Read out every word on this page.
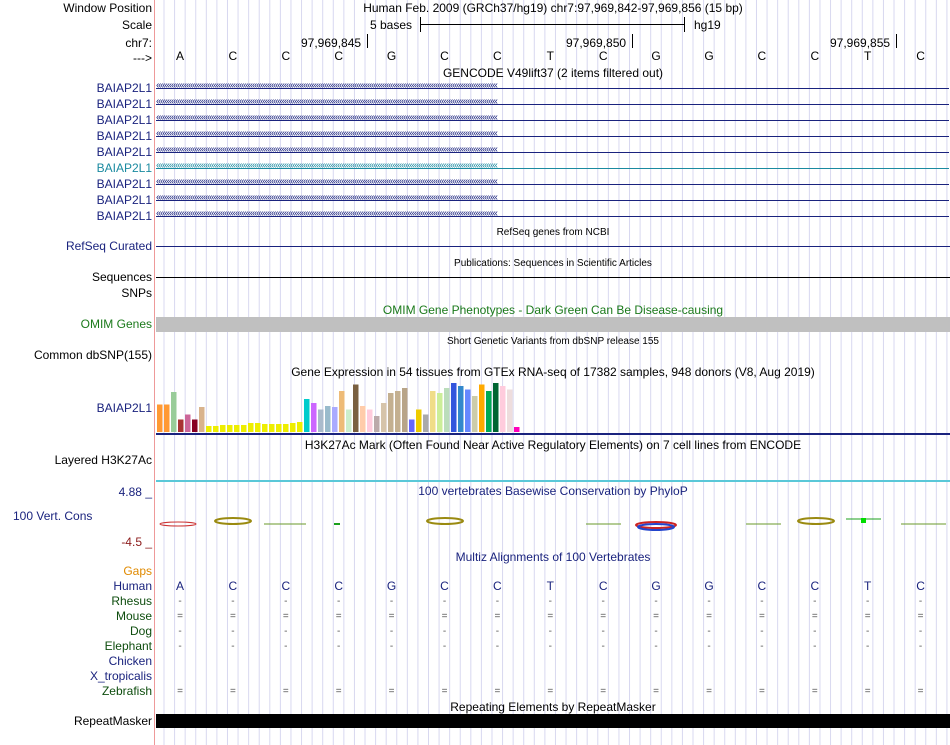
Window Position	Human Feb. 2009 (GRCh37/hg19) chr7:97,969,842-97,969,856 (15 bp)
Scale	5 bases	hg19
chr7:	97,969,845	97,969,850	97,969,855
--->	A	C	C	C	G	C	C	T	C	G	G	C	C	T	C
GENCODE V49lift37 (2 items filtered out)
BAIAP2L1
BAIAP2L1
BAIAP2L1
BAIAP2L1
BAIAP2L1
BAIAP2L1
BAIAP2L1
BAIAP2L1
BAIAP2L1
‹‹‹‹‹‹‹‹‹‹‹‹‹‹‹‹‹‹‹‹‹‹‹‹‹‹‹‹‹‹‹‹‹‹‹‹‹‹‹‹‹‹‹‹‹‹‹‹‹‹‹‹‹‹‹‹‹‹‹‹‹‹‹‹‹‹‹‹‹‹‹‹‹‹‹‹‹‹‹‹‹‹‹‹‹‹‹‹‹‹‹‹‹‹‹‹‹‹‹‹‹‹‹‹‹‹‹‹‹‹‹‹‹‹‹‹‹‹‹‹‹‹‹‹‹‹‹‹‹‹‹‹‹‹‹‹‹‹‹‹‹‹‹‹‹‹‹‹‹‹‹‹‹‹‹‹‹‹‹‹
‹‹‹‹‹‹‹‹‹‹‹‹‹‹‹‹‹‹‹‹‹‹‹‹‹‹‹‹‹‹‹‹‹‹‹‹‹‹‹‹‹‹‹‹‹‹‹‹‹‹‹‹‹‹‹‹‹‹‹‹‹‹‹‹‹‹‹‹‹‹‹‹‹‹‹‹‹‹‹‹‹‹‹‹‹‹‹‹‹‹‹‹‹‹‹‹‹‹‹‹‹‹‹‹‹‹‹‹‹‹‹‹‹‹‹‹‹‹‹‹‹‹‹‹‹‹‹‹‹‹‹‹‹‹‹‹‹‹‹‹‹‹‹‹‹‹‹‹‹‹‹‹‹‹‹‹‹‹‹‹
‹‹‹‹‹‹‹‹‹‹‹‹‹‹‹‹‹‹‹‹‹‹‹‹‹‹‹‹‹‹‹‹‹‹‹‹‹‹‹‹‹‹‹‹‹‹‹‹‹‹‹‹‹‹‹‹‹‹‹‹‹‹‹‹‹‹‹‹‹‹‹‹‹‹‹‹‹‹‹‹‹‹‹‹‹‹‹‹‹‹‹‹‹‹‹‹‹‹‹‹‹‹‹‹‹‹‹‹‹‹‹‹‹‹‹‹‹‹‹‹‹‹‹‹‹‹‹‹‹‹‹‹‹‹‹‹‹‹‹‹‹‹‹‹‹‹‹‹‹‹‹‹‹‹‹‹‹‹‹‹
‹‹‹‹‹‹‹‹‹‹‹‹‹‹‹‹‹‹‹‹‹‹‹‹‹‹‹‹‹‹‹‹‹‹‹‹‹‹‹‹‹‹‹‹‹‹‹‹‹‹‹‹‹‹‹‹‹‹‹‹‹‹‹‹‹‹‹‹‹‹‹‹‹‹‹‹‹‹‹‹‹‹‹‹‹‹‹‹‹‹‹‹‹‹‹‹‹‹‹‹‹‹‹‹‹‹‹‹‹‹‹‹‹‹‹‹‹‹‹‹‹‹‹‹‹‹‹‹‹‹‹‹‹‹‹‹‹‹‹‹‹‹‹‹‹‹‹‹‹‹‹‹‹‹‹‹‹‹‹‹
‹‹‹‹‹‹‹‹‹‹‹‹‹‹‹‹‹‹‹‹‹‹‹‹‹‹‹‹‹‹‹‹‹‹‹‹‹‹‹‹‹‹‹‹‹‹‹‹‹‹‹‹‹‹‹‹‹‹‹‹‹‹‹‹‹‹‹‹‹‹‹‹‹‹‹‹‹‹‹‹‹‹‹‹‹‹‹‹‹‹‹‹‹‹‹‹‹‹‹‹‹‹‹‹‹‹‹‹‹‹‹‹‹‹‹‹‹‹‹‹‹‹‹‹‹‹‹‹‹‹‹‹‹‹‹‹‹‹‹‹‹‹‹‹‹‹‹‹‹‹‹‹‹‹‹‹‹‹‹‹
‹‹‹‹‹‹‹‹‹‹‹‹‹‹‹‹‹‹‹‹‹‹‹‹‹‹‹‹‹‹‹‹‹‹‹‹‹‹‹‹‹‹‹‹‹‹‹‹‹‹‹‹‹‹‹‹‹‹‹‹‹‹‹‹‹‹‹‹‹‹‹‹‹‹‹‹‹‹‹‹‹‹‹‹‹‹‹‹‹‹‹‹‹‹‹‹‹‹‹‹‹‹‹‹‹‹‹‹‹‹‹‹‹‹‹‹‹‹‹‹‹‹‹‹‹‹‹‹‹‹‹‹‹‹‹‹‹‹‹‹‹‹‹‹‹‹‹‹‹‹‹‹‹‹‹‹‹‹‹‹
‹‹‹‹‹‹‹‹‹‹‹‹‹‹‹‹‹‹‹‹‹‹‹‹‹‹‹‹‹‹‹‹‹‹‹‹‹‹‹‹‹‹‹‹‹‹‹‹‹‹‹‹‹‹‹‹‹‹‹‹‹‹‹‹‹‹‹‹‹‹‹‹‹‹‹‹‹‹‹‹‹‹‹‹‹‹‹‹‹‹‹‹‹‹‹‹‹‹‹‹‹‹‹‹‹‹‹‹‹‹‹‹‹‹‹‹‹‹‹‹‹‹‹‹‹‹‹‹‹‹‹‹‹‹‹‹‹‹‹‹‹‹‹‹‹‹‹‹‹‹‹‹‹‹‹‹‹‹‹‹
‹‹‹‹‹‹‹‹‹‹‹‹‹‹‹‹‹‹‹‹‹‹‹‹‹‹‹‹‹‹‹‹‹‹‹‹‹‹‹‹‹‹‹‹‹‹‹‹‹‹‹‹‹‹‹‹‹‹‹‹‹‹‹‹‹‹‹‹‹‹‹‹‹‹‹‹‹‹‹‹‹‹‹‹‹‹‹‹‹‹‹‹‹‹‹‹‹‹‹‹‹‹‹‹‹‹‹‹‹‹‹‹‹‹‹‹‹‹‹‹‹‹‹‹‹‹‹‹‹‹‹‹‹‹‹‹‹‹‹‹‹‹‹‹‹‹‹‹‹‹‹‹‹‹‹‹‹‹‹‹
‹‹‹‹‹‹‹‹‹‹‹‹‹‹‹‹‹‹‹‹‹‹‹‹‹‹‹‹‹‹‹‹‹‹‹‹‹‹‹‹‹‹‹‹‹‹‹‹‹‹‹‹‹‹‹‹‹‹‹‹‹‹‹‹‹‹‹‹‹‹‹‹‹‹‹‹‹‹‹‹‹‹‹‹‹‹‹‹‹‹‹‹‹‹‹‹‹‹‹‹‹‹‹‹‹‹‹‹‹‹‹‹‹‹‹‹‹‹‹‹‹‹‹‹‹‹‹‹‹‹‹‹‹‹‹‹‹‹‹‹‹‹‹‹‹‹‹‹‹‹‹‹‹‹‹‹‹‹‹‹
RefSeq genes from NCBI
RefSeq Curated
Publications: Sequences in Scientific Articles
Sequences
SNPs
OMIM Gene Phenotypes - Dark Green Can Be Disease-causing
OMIM Genes
Short Genetic Variants from dbSNP release 155
Common dbSNP(155)
Gene Expression in 54 tissues from GTEx RNA-seq of 17382 samples, 948 donors (V8, Aug 2019)
BAIAP2L1
H3K27Ac Mark (Often Found Near Active Regulatory Elements) on 7 cell lines from ENCODE
Layered H3K27Ac
100 vertebrates Basewise Conservation by PhyloP
4.88 _
100 Vert. Cons
-4.5 _
Multiz Alignments of 100 Vertebrates
Gaps
Human	A	C	C	C	G	C	C	T	C	G	G	C	C	T	C
Rhesus	-	-	-	-	-	-	-	-	-	-	-	-	-	-	-
Mouse	=	=	=	=	=	=	=	=	=	=	=	=	=	=	=
Dog	-	-	-	-	-	-	-	-	-	-	-	-	-	-	-
Elephant	-	-	-	-	-	-	-	-	-	-	-	-	-	-	-
Chicken
X_tropicalis
Zebrafish	=	=	=	=	=	=	=	=	=	=	=	=	=	=	=
Repeating Elements by RepeatMasker
RepeatMasker
